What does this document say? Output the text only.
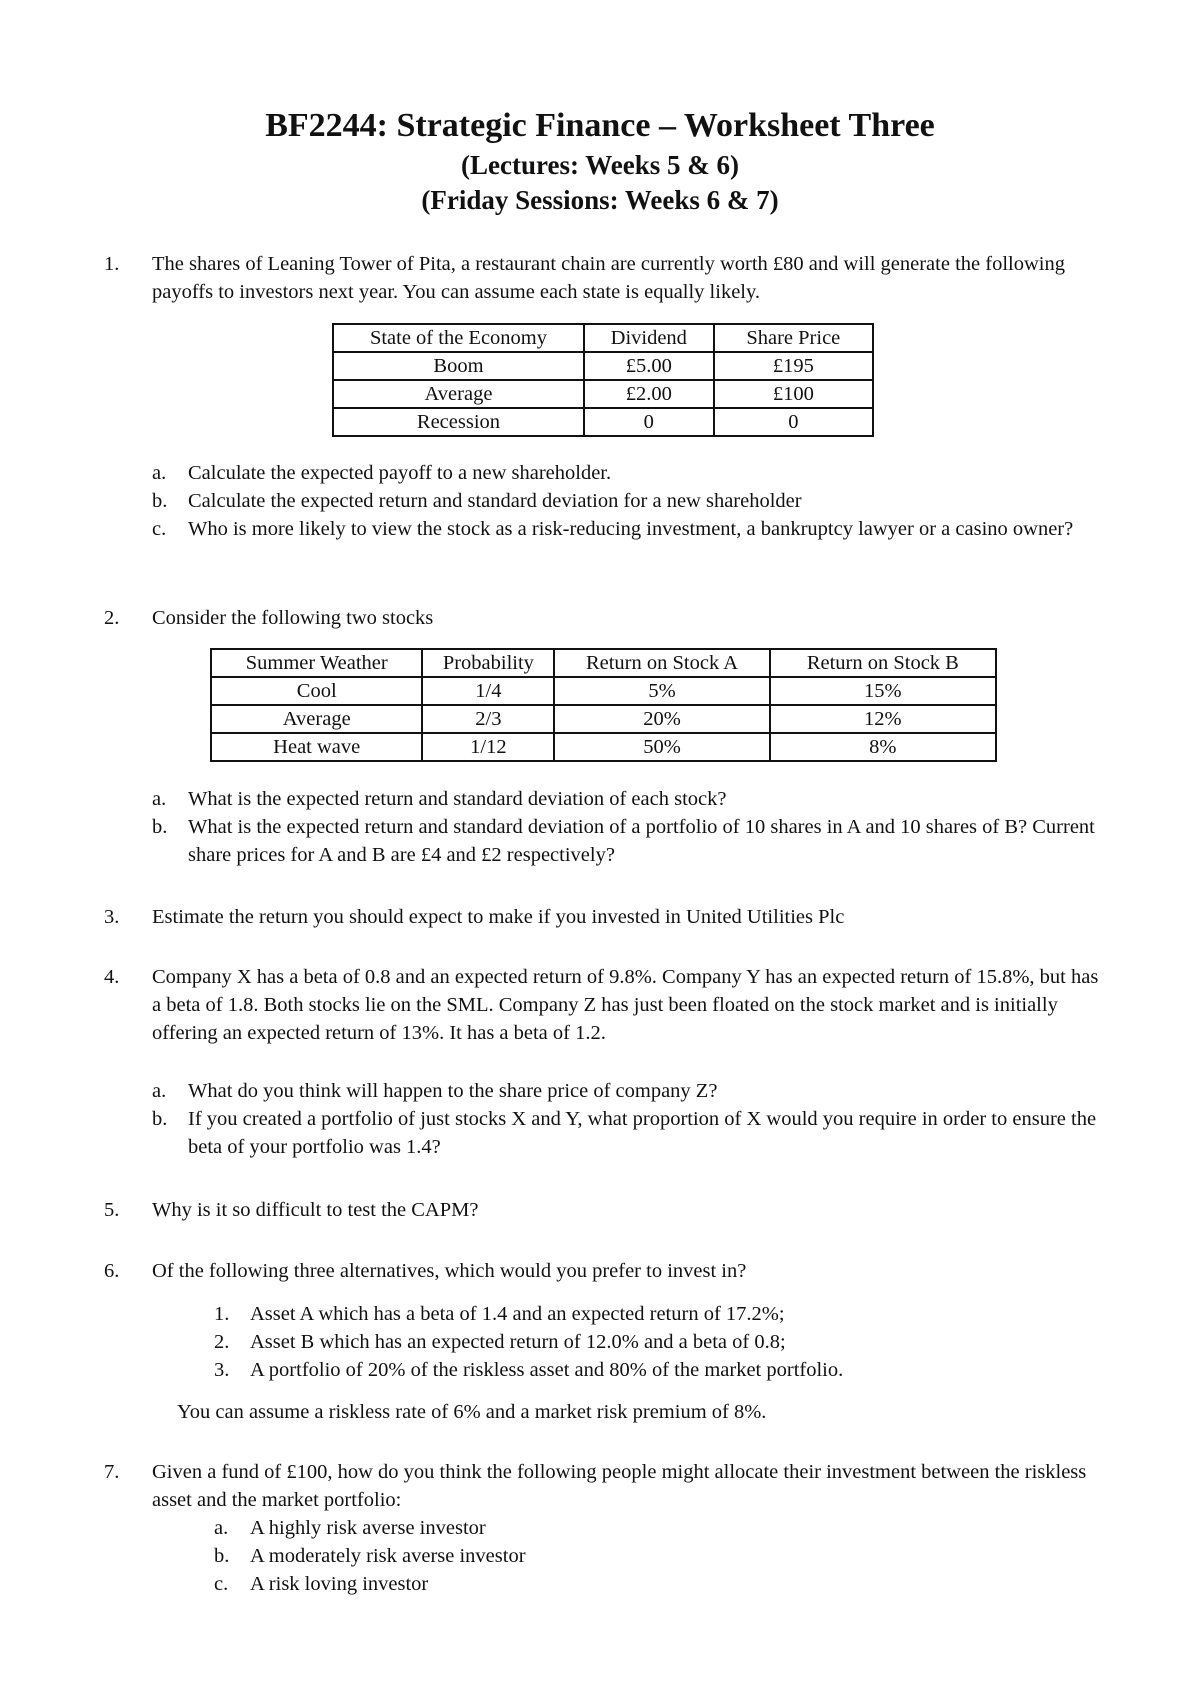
BF2244: Strategic Finance – Worksheet Three
(Lectures: Weeks 5 & 6)
(Friday Sessions: Weeks 6 & 7)
1. The shares of Leaning Tower of Pita, a restaurant chain are currently worth £80 and will generate the following payoffs to investors next year. You can assume each state is equally likely.
State of the Economy	Dividend	Share Price
Boom	£5.00	£195
Average	£2.00	£100
Recession	0	0
a. Calculate the expected payoff to a new shareholder.
b. Calculate the expected return and standard deviation for a new shareholder
c. Who is more likely to view the stock as a risk-reducing investment, a bankruptcy lawyer or a casino owner?
2. Consider the following two stocks
Summer Weather	Probability	Return on Stock A	Return on Stock B
Cool	1/4	5%	15%
Average	2/3	20%	12%
Heat wave	1/12	50%	8%
a. What is the expected return and standard deviation of each stock?
b. What is the expected return and standard deviation of a portfolio of 10 shares in A and 10 shares of B? Current share prices for A and B are £4 and £2 respectively?
3. Estimate the return you should expect to make if you invested in United Utilities Plc
4. Company X has a beta of 0.8 and an expected return of 9.8%. Company Y has an expected return of 15.8%, but has a beta of 1.8. Both stocks lie on the SML. Company Z has just been floated on the stock market and is initially offering an expected return of 13%. It has a beta of 1.2.
a. What do you think will happen to the share price of company Z?
b. If you created a portfolio of just stocks X and Y, what proportion of X would you require in order to ensure the beta of your portfolio was 1.4?
5. Why is it so difficult to test the CAPM?
6. Of the following three alternatives, which would you prefer to invest in?
1. Asset A which has a beta of 1.4 and an expected return of 17.2%;
2. Asset B which has an expected return of 12.0% and a beta of 0.8;
3. A portfolio of 20% of the riskless asset and 80% of the market portfolio.
You can assume a riskless rate of 6% and a market risk premium of 8%.
7. Given a fund of £100, how do you think the following people might allocate their investment between the riskless asset and the market portfolio:
a. A highly risk averse investor
b. A moderately risk averse investor
c. A risk loving investor
